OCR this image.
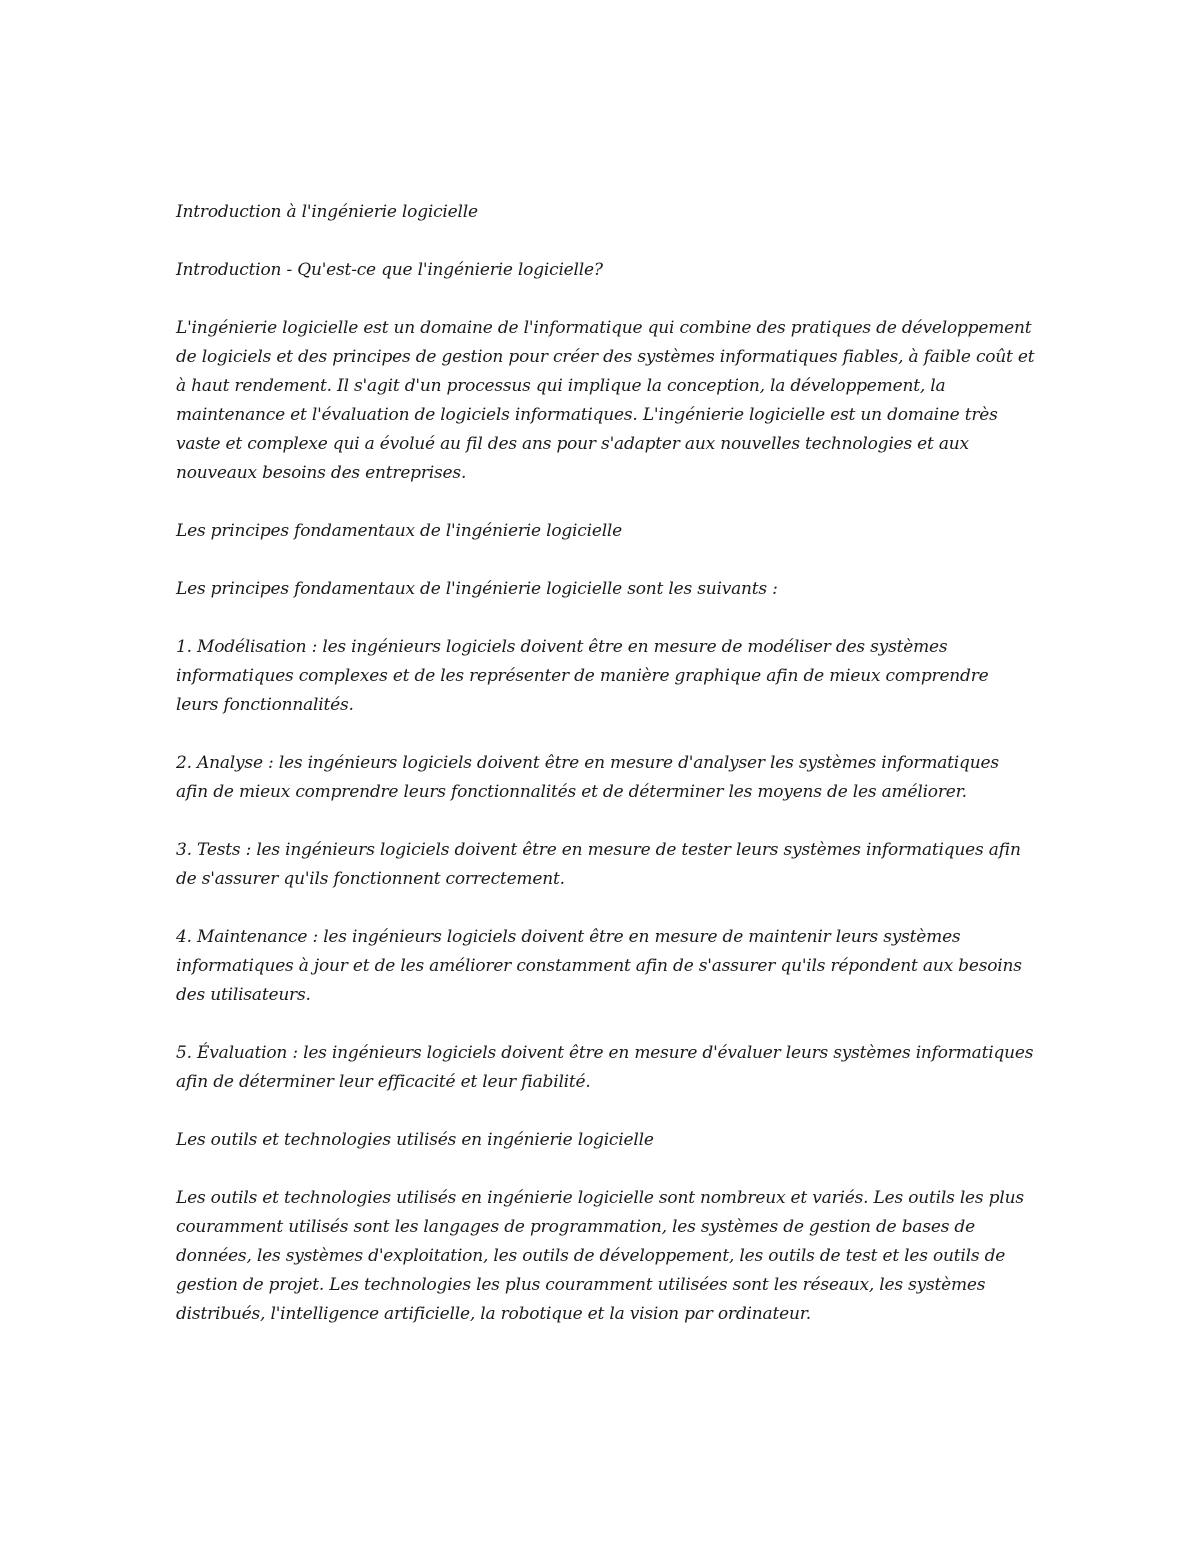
Introduction à l'ingénierie logicielle

Introduction - Qu'est-ce que l'ingénierie logicielle?

L'ingénierie logicielle est un domaine de l'informatique qui combine des pratiques de développement de logiciels et des principes de gestion pour créer des systèmes informatiques fiables, à faible coût et à haut rendement. Il s'agit d'un processus qui implique la conception, la développement, la maintenance et l'évaluation de logiciels informatiques. L'ingénierie logicielle est un domaine très vaste et complexe qui a évolué au fil des ans pour s'adapter aux nouvelles technologies et aux nouveaux besoins des entreprises.

Les principes fondamentaux de l'ingénierie logicielle

Les principes fondamentaux de l'ingénierie logicielle sont les suivants :

1. Modélisation : les ingénieurs logiciels doivent être en mesure de modéliser des systèmes informatiques complexes et de les représenter de manière graphique afin de mieux comprendre leurs fonctionnalités.

2. Analyse : les ingénieurs logiciels doivent être en mesure d'analyser les systèmes informatiques afin de mieux comprendre leurs fonctionnalités et de déterminer les moyens de les améliorer.

3. Tests : les ingénieurs logiciels doivent être en mesure de tester leurs systèmes informatiques afin de s'assurer qu'ils fonctionnent correctement.

4. Maintenance : les ingénieurs logiciels doivent être en mesure de maintenir leurs systèmes informatiques à jour et de les améliorer constamment afin de s'assurer qu'ils répondent aux besoins des utilisateurs.

5. Évaluation : les ingénieurs logiciels doivent être en mesure d'évaluer leurs systèmes informatiques afin de déterminer leur efficacité et leur fiabilité.

Les outils et technologies utilisés en ingénierie logicielle

Les outils et technologies utilisés en ingénierie logicielle sont nombreux et variés. Les outils les plus couramment utilisés sont les langages de programmation, les systèmes de gestion de bases de données, les systèmes d'exploitation, les outils de développement, les outils de test et les outils de gestion de projet. Les technologies les plus couramment utilisées sont les réseaux, les systèmes distribués, l'intelligence artificielle, la robotique et la vision par ordinateur.
